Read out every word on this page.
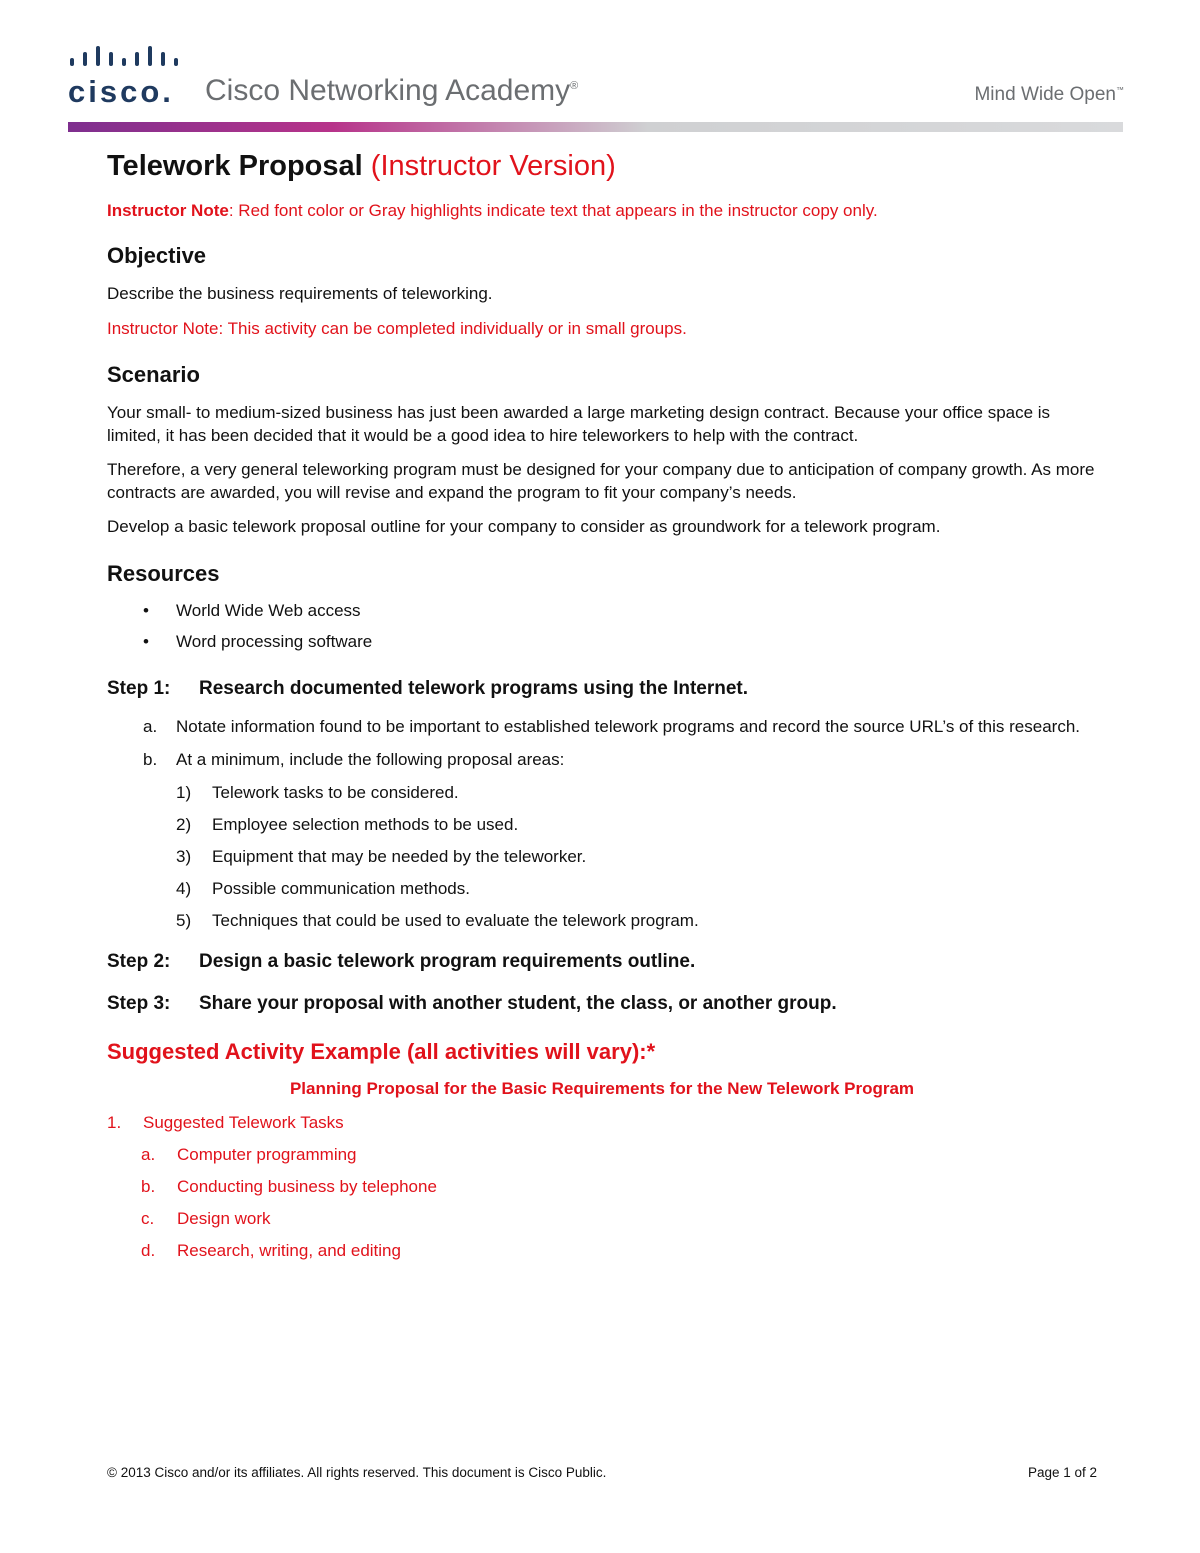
cisco. Cisco Networking Academy®	Mind Wide Open™
Telework Proposal (Instructor Version)
Instructor Note: Red font color or Gray highlights indicate text that appears in the instructor copy only.
Objective

Describe the business requirements of teleworking.

Instructor Note: This activity can be completed individually or in small groups.

Scenario

Your small- to medium-sized business has just been awarded a large marketing design contract. Because your office space is limited, it has been decided that it would be a good idea to hire teleworkers to help with the contract.

Therefore, a very general teleworking program must be designed for your company due to anticipation of company growth. As more contracts are awarded, you will revise and expand the program to fit your company’s needs.

Develop a basic telework proposal outline for your company to consider as groundwork for a telework program.

Resources
• World Wide Web access
• Word processing software
Step 1:	Research documented telework programs using the Internet.
a.	Notate information found to be important to established telework programs and record the source URL’s of this research.
b.	At a minimum, include the following proposal areas:
1)	Telework tasks to be considered.
2)	Employee selection methods to be used.
3)	Equipment that may be needed by the teleworker.
4)	Possible communication methods.
5)	Techniques that could be used to evaluate the telework program.
Step 2:	Design a basic telework program requirements outline.
Step 3:	Share your proposal with another student, the class, or another group.
Suggested Activity Example (all activities will vary):*
Planning Proposal for the Basic Requirements for the New Telework Program
1.	Suggested Telework Tasks
a.	Computer programming
b.	Conducting business by telephone
c.	Design work
d.	Research, writing, and editing
© 2013 Cisco and/or its affiliates. All rights reserved. This document is Cisco Public.	Page 1 of 2
